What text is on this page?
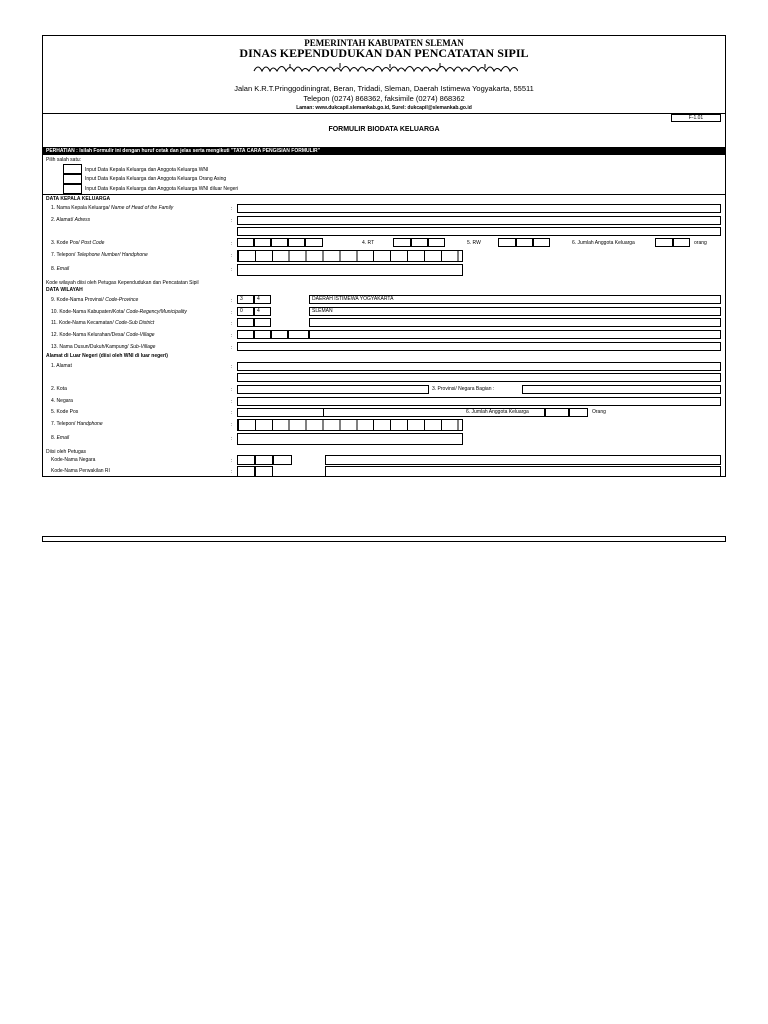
PEMERINTAH KABUPATEN SLEMAN
DINAS KEPENDUDUKAN DAN PENCATATAN SIPIL
Jalan K.R.T.Pringgodiningrat, Beran, Tridadi, Sleman, Daerah Istimewa Yogyakarta, 55511
Telepon (0274) 868362, faksimile (0274) 868362
Laman: www.dukcapil.slemankab.go.id, Surel: dukcapil@slemankab.go.id
F-1.01
FORMULIR BIODATA KELUARGA
PERHATIAN : Isilah Formulir ini dengan huruf cetak dan jelas serta mengikuti "TATA CARA PENGISIAN FORMULIR"
Pilih salah satu:
Input Data Kepala Keluarga dan Anggota Keluarga WNI
Input Data Kepala Keluarga dan Anggota Keluarga Orang Asing
Input Data Kepala Keluarga dan Anggota Keluarga WNI diluar Negeri
DATA KEPALA KELUARGA
1. Nama Kepala Keluarga/ Name of Head of the Family	:
2. Alamat/ Adress	:
3. Kode Pos/ Post Code	:	4. RT	5. RW	6. Jumlah Anggota Keluarga	orang
7. Telepon/ Telephone Number/ Handphone	:
8. Email	:
Kode wilayah diisi oleh Petugas Kependudukan dan Pencatatan Sipil
DATA WILAYAH
9. Kode-Nama Provinsi/ Code-Province	:	3	4	DAERAH ISTIMEWA YOGYAKARTA
10. Kode-Nama Kabupaten/Kota/ Code-Regency/Municipality	:	0	4	SLEMAN
11. Kode-Nama Kecamatan/ Code-Sub District	:
12. Kode-Nama Kelurahan/Desa/ Code-Village	:
13. Nama Dusun/Dukuh/Kampung/ Sub-Village	:
Alamat di Luar Negeri (diisi oleh WNI di luar negeri)
1. Alamat	:
2. Kota	:	3. Provinsi/ Negara Bagian :
4. Negara	:
5. Kode Pos	:	6. Jumlah Anggota Keluarga	Orang
7. Telepon/ Handphone	:
8. Email	:
Diisi oleh Petugas
Kode-Nama Negara	:
Kode-Nama Perwakilan RI	:
